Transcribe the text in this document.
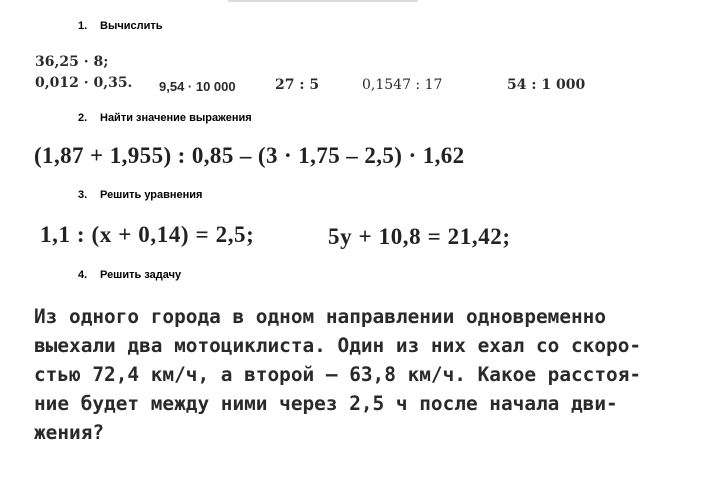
1. Вычислить
36,25 · 8;
0,012 · 0,35. 9,54 · 10 000	27 : 5	0,1547 : 17	54 : 1 000
2. Найти значение выражения
(1,87 + 1,955) : 0,85 – (3 · 1,75 – 2,5) · 1,62
3. Решить уравнения
1,1 : (x + 0,14) = 2,5;	5y + 10,8 = 21,42;
4. Решить задачу
Из одного города в одном направлении одновременно
выехали два мотоциклиста. Один из них ехал со скоро-
стью 72,4 км/ч, а второй — 63,8 км/ч. Какое расстоя-
ние будет между ними через 2,5 ч после начала дви-
жения?
